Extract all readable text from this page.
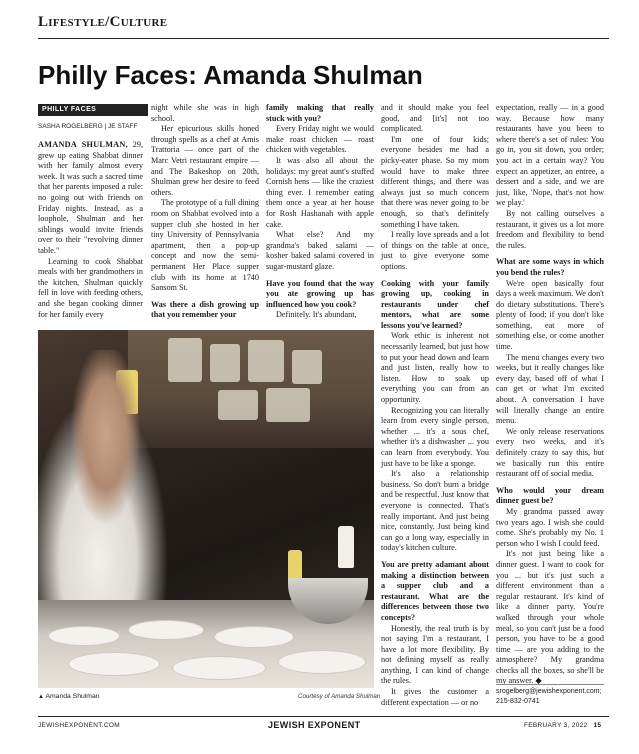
Lifestyle/Culture
Philly Faces: Amanda Shulman
PHILLY FACES
SASHA ROGELBERG | JE STAFF

AMANDA SHULMAN, 29, grew up eating Shabbat dinner with her family almost every week. It was such a sacred time that her parents imposed a rule: no going out with friends on Friday nights. Instead, as a loophole, Shulman and her siblings would invite friends over to their "revolving dinner table."

Learning to cook Shabbat meals with her grandmothers in the kitchen, Shulman quickly fell in love with feeding others, and she began cooking dinner for her family every

night while she was in high school.

Her epicurious skills honed through spells as a chef at Amis Trattoria — once part of the Marc Vetri restaurant empire — and The Bakeshop on 20th, Shulman grew her desire to feed others.

The prototype of a full dining room on Shabbat evolved into a supper club she hosted in her tiny University of Pennsylvania apartment, then a pop-up concept and now the semi-permanent Her Place supper club with its home at 1740 Sansom St.

Was there a dish growing up that you remember your

family making that really stuck with you?

Every Friday night we would make roast chicken — roast chicken with vegetables.

It was also all about the holidays: my great aunt's stuffed Cornish hens — like the craziest thing ever. I remember eating them once a year at her house for Rosh Hashanah with apple cake.

What else? And my grandma's baked salami — kosher baked salami covered in sugar-mustard glaze.

Have you found that the way you ate growing up has influenced how you cook?

Definitely. It's abundant,

and it should make you feel good, and [it's] not too complicated.

I'm one of four kids; everyone besides me had a picky-eater phase. So my mom would have to make three different things, and there was always just so much concern that there was never going to be enough, so that's definitely something I have taken.

I really love spreads and a lot of things on the table at once, just to give everyone some options.

Cooking with your family growing up, cooking in restaurants under chef mentors, what are some lessons you've learned?

Work ethic is inherent not necessarily learned, but just how to put your head down and learn and just listen, really how to listen. How to soak up everything you can from an opportunity.

Recognizing you can literally learn from every single person, whether ... it's a sous chef, whether it's a dishwasher ... you can learn from everybody. You just have to be like a sponge.

It's also a relationship business. So don't burn a bridge and be respectful. Just know that everyone is connected. That's really important. And just being nice, constantly. Just being kind can go a long way, especially in today's kitchen culture.

You are pretty adamant about making a distinction between a supper club and a restaurant. What are the differences between those two concepts?

Honestly, the real truth is by not saying I'm a restaurant, I have a lot more flexibility. By not defining myself as really anything, I can kind of change the rules.

It gives the customer a different expectation — or no

expectation, really — in a good way. Because how many restaurants have you been to where there's a set of rules: You go in, you sit down, you order; you act in a certain way? You expect an appetizer, an entree, a dessert and a side, and we are just, like, 'Nope, that's not how we play.'

By not calling ourselves a restaurant, it gives us a lot more freedom and flexibility to bend the rules.

What are some ways in which you bend the rules?

We're open basically four days a week maximum. We don't do dietary substitutions. There's plenty of food; if you don't like something, eat more of something else, or come another time.

The menu changes every two weeks, but it really changes like every day, based off of what I can get or what I'm excited about. A conversation I have will literally change an entire menu.

We only release reservations every two weeks, and it's definitely crazy to say this, but we basically run this entire restaurant off of social media.

Who would your dream dinner guest be?

My grandma passed away two years ago. I wish she could come. She's probably my No. 1 person who I wish I could feed.

It's not just being like a dinner guest. I want to cook for you ... but it's just such a different environment than a regular restaurant. It's kind of like a dinner party. You're walked through your whole meal, so you can't just be a food person, you have to be a good time — are you adding to the atmosphere? My grandma checks all the boxes, so she'll be my answer. ◆

▲ Amanda Shulman	Courtesy of Amanda Shulman
srogelberg@jewishexponent.com;
215-832-0741
JEWISHEXPONENT.COM	JEWISH EXPONENT	FEBRUARY 3, 2022 15
